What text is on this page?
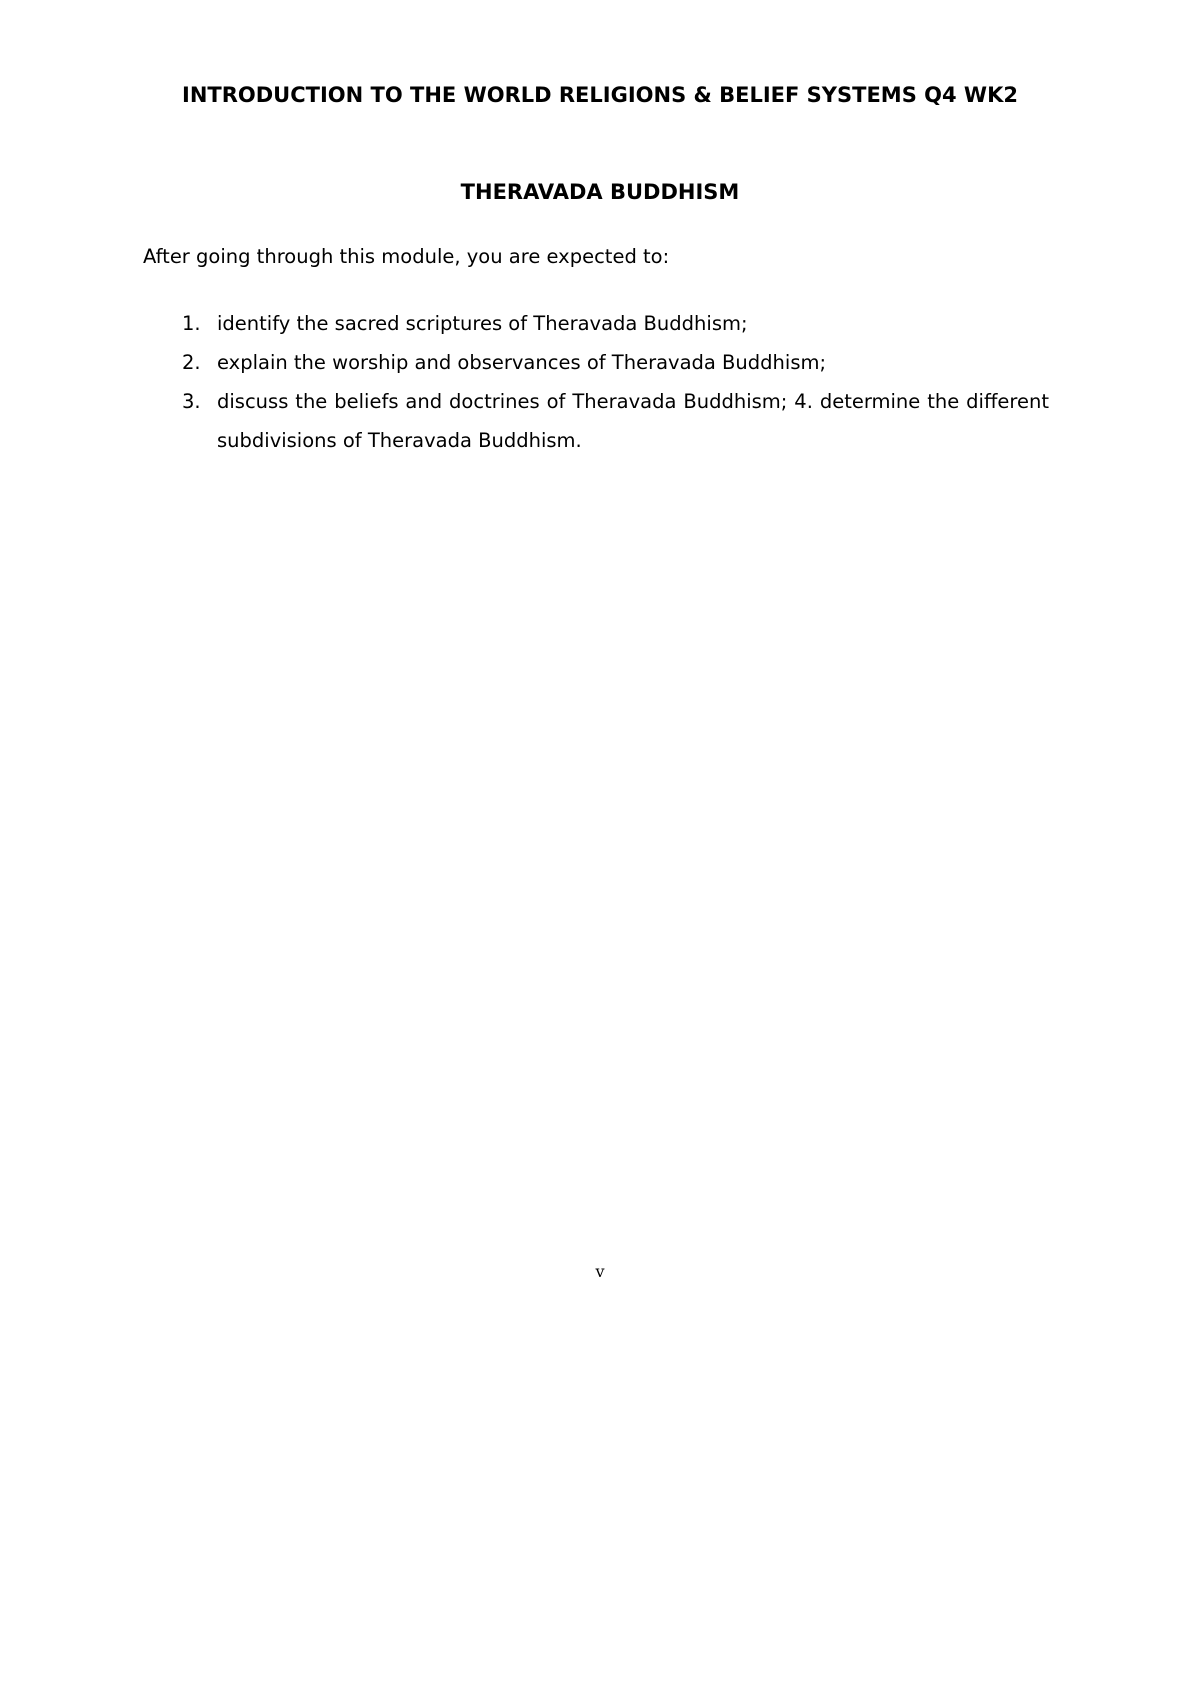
INTRODUCTION TO THE WORLD RELIGIONS & BELIEF SYSTEMS Q4 WK2
THERAVADA BUDDHISM

After going through this module, you are expected to:

1. identify the sacred scriptures of Theravada Buddhism;
2. explain the worship and observances of Theravada Buddhism;
3. discuss the beliefs and doctrines of Theravada Buddhism; 4. determine the different subdivisions of Theravada Buddhism.

v
